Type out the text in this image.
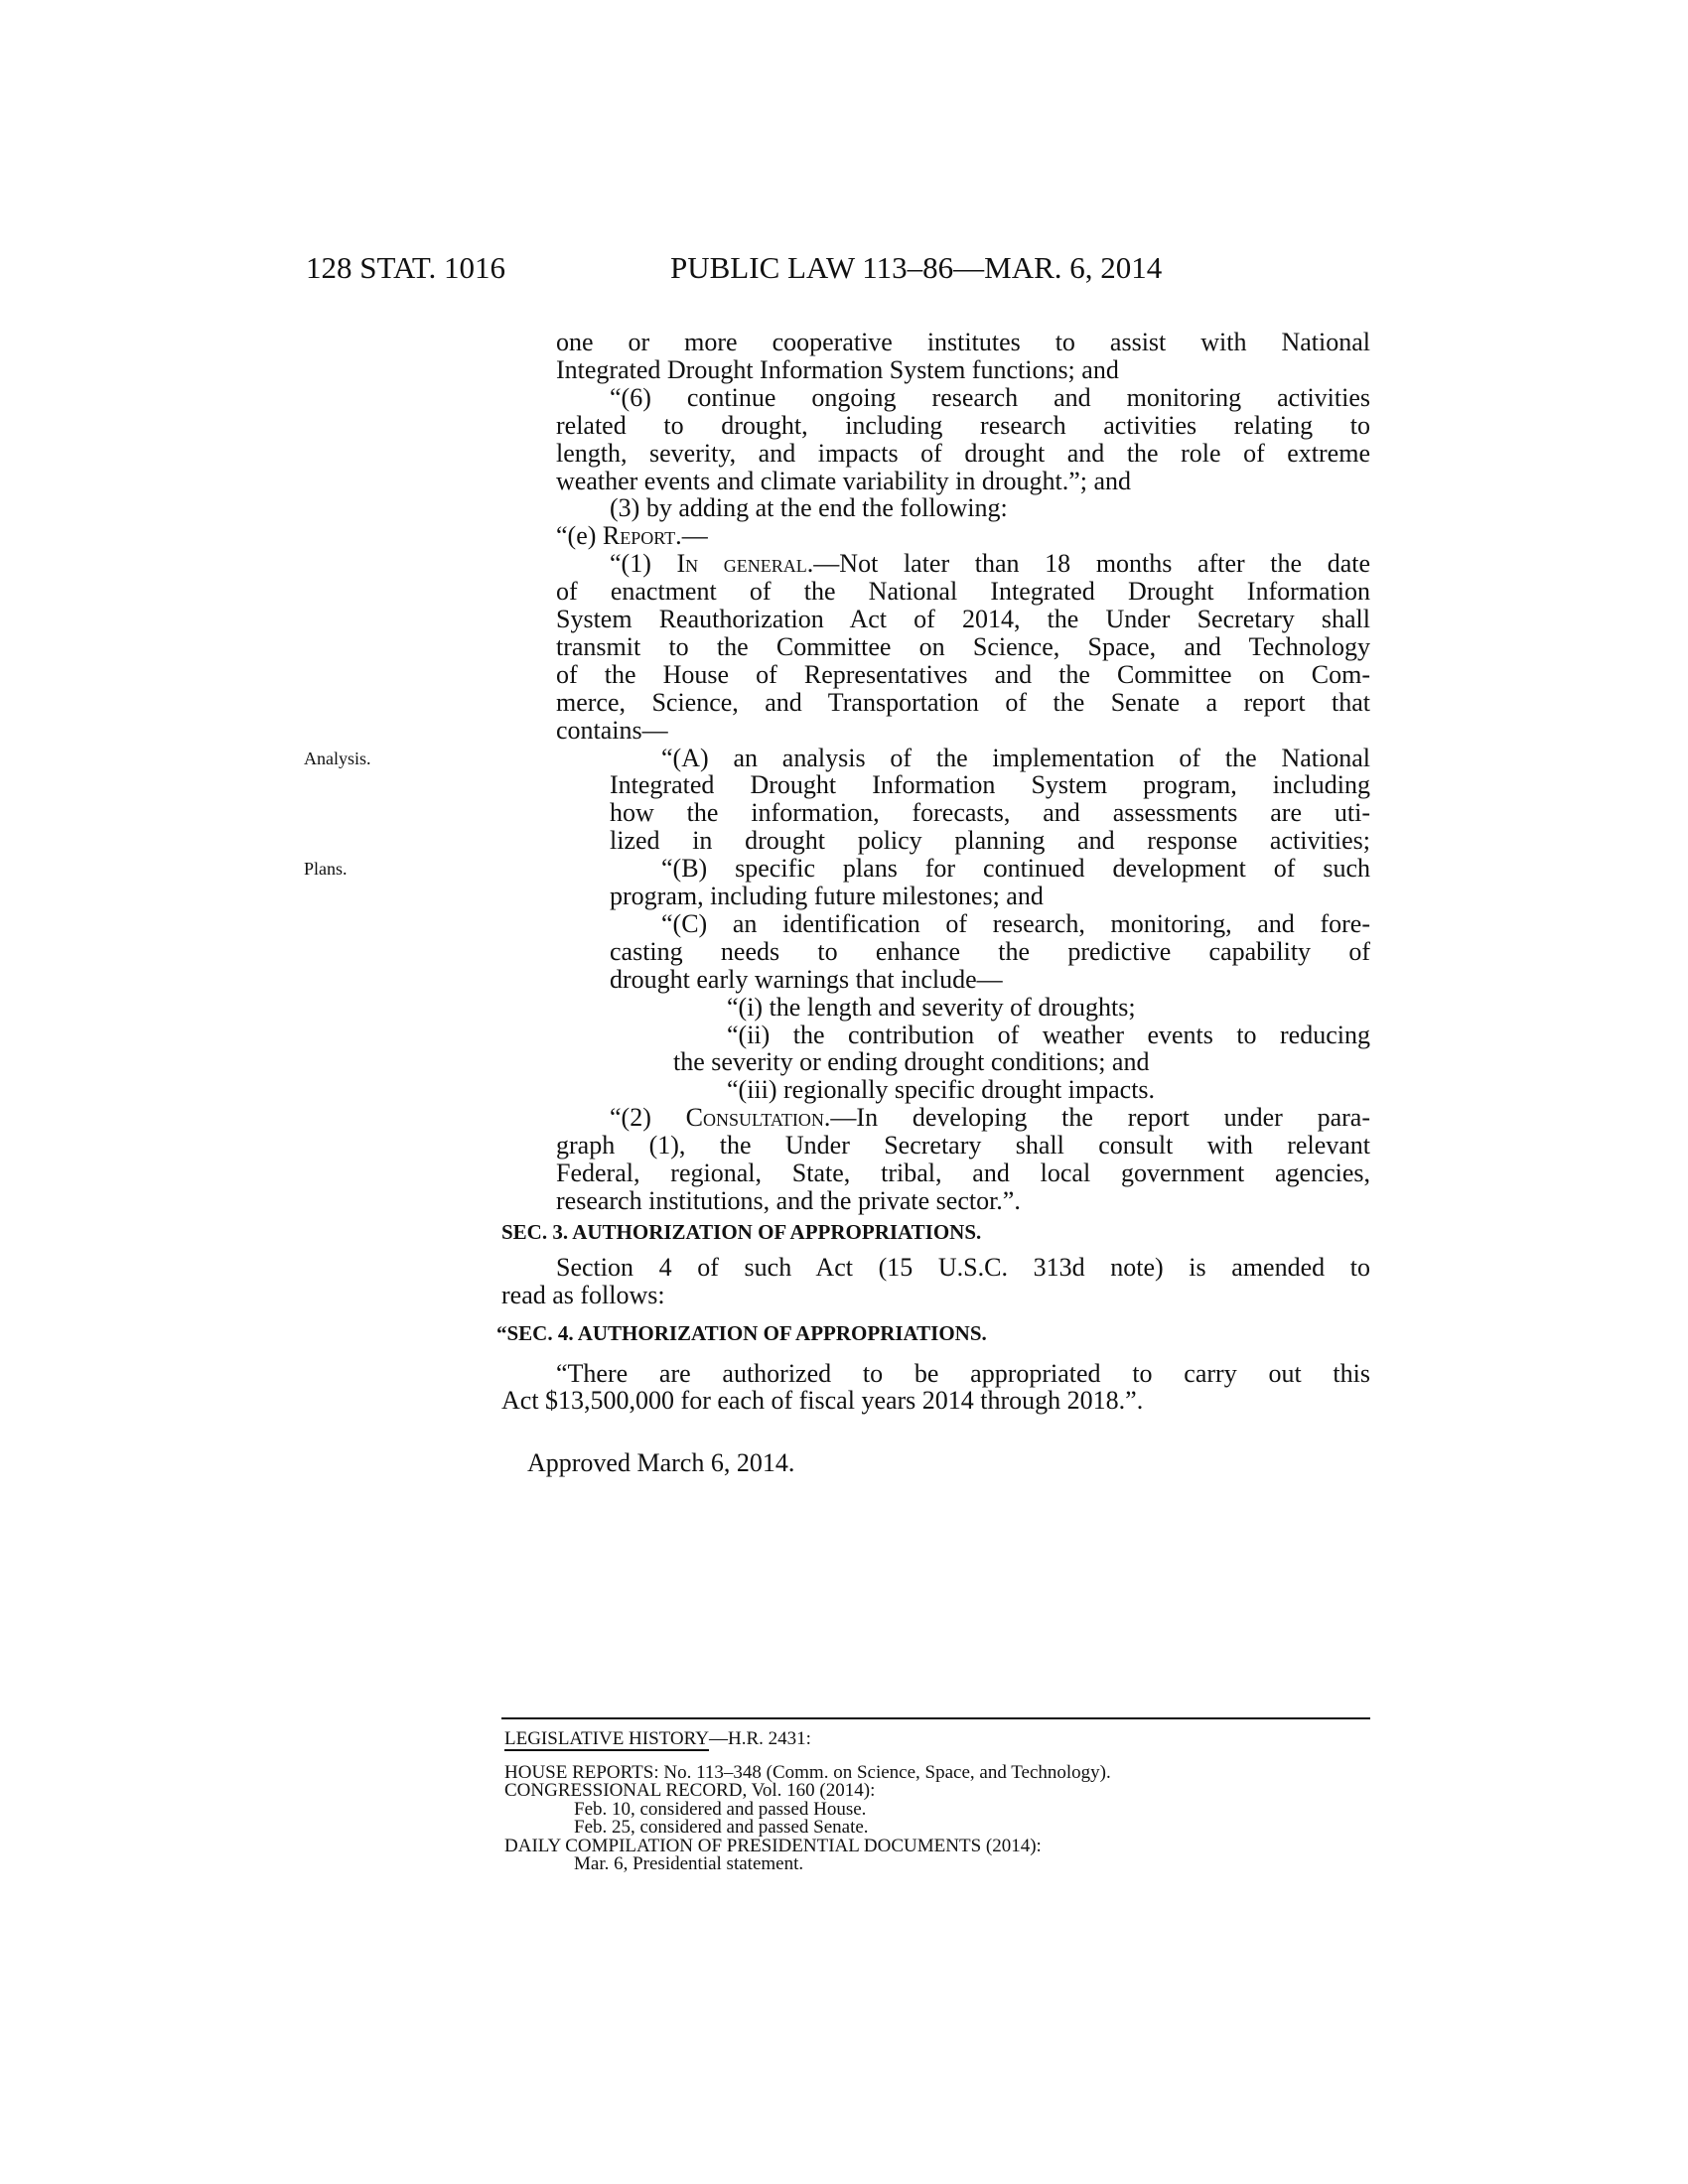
128 STAT. 1016	PUBLIC LAW 113–86—MAR. 6, 2014
one or more cooperative institutes to assist with National
Integrated Drought Information System functions; and
“(6) continue ongoing research and monitoring activities
related to drought, including research activities relating to
length, severity, and impacts of drought and the role of extreme
weather events and climate variability in drought.”; and
(3) by adding at the end the following:
“(e) Report.—
“(1) In general.—Not later than 18 months after the date
of enactment of the National Integrated Drought Information
System Reauthorization Act of 2014, the Under Secretary shall
transmit to the Committee on Science, Space, and Technology
of the House of Representatives and the Committee on Com-
merce, Science, and Transportation of the Senate a report that
contains—
“(A) an analysis of the implementation of the National
Integrated Drought Information System program, including
how the information, forecasts, and assessments are uti-
lized in drought policy planning and response activities;
“(B) specific plans for continued development of such
program, including future milestones; and
“(C) an identification of research, monitoring, and fore-
casting needs to enhance the predictive capability of
drought early warnings that include—
“(i) the length and severity of droughts;
“(ii) the contribution of weather events to reducing
the severity or ending drought conditions; and
“(iii) regionally specific drought impacts.
“(2) Consultation.—In developing the report under para-
graph (1), the Under Secretary shall consult with relevant
Federal, regional, State, tribal, and local government agencies,
research institutions, and the private sector.”.
Analysis.
Plans.
SEC. 3. AUTHORIZATION OF APPROPRIATIONS.
Section 4 of such Act (15 U.S.C. 313d note) is amended to
read as follows:
“SEC. 4. AUTHORIZATION OF APPROPRIATIONS.
“There are authorized to be appropriated to carry out this
Act $13,500,000 for each of fiscal years 2014 through 2018.”.
Approved March 6, 2014.
LEGISLATIVE HISTORY—H.R. 2431:
HOUSE REPORTS: No. 113–348 (Comm. on Science, Space, and Technology).
CONGRESSIONAL RECORD, Vol. 160 (2014):
Feb. 10, considered and passed House.
Feb. 25, considered and passed Senate.
DAILY COMPILATION OF PRESIDENTIAL DOCUMENTS (2014):
Mar. 6, Presidential statement.
